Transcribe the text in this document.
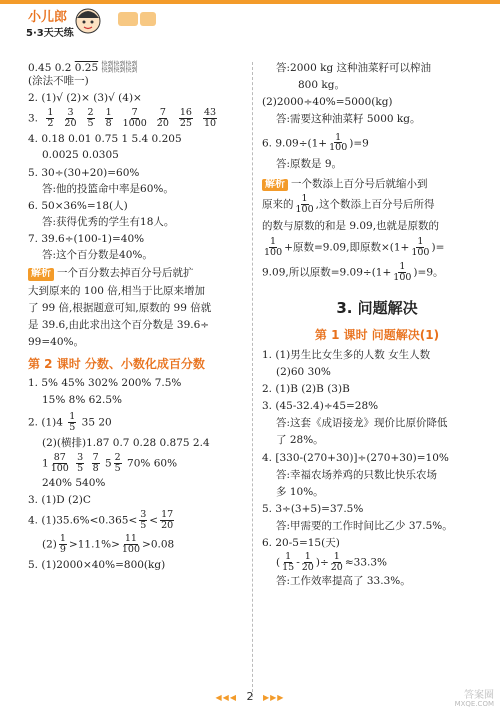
小儿郎
5·3天天练
0.45 0.2 0.25 快到快到快到
快到快到快到
(涂法不唯一)
2. (1)√ (2)× (3)√ (4)×
3. $\frac{1}{2} \frac{3}{20} \frac{2}{5} \frac{1}{8} \frac{7}{1000} \frac{7}{20} \frac{16}{25} \frac{43}{10}$
4. 0.18 0.01 0.75 1 5.4 0.205
0.0025 0.0305
5. 30÷(30+20)=60%
答:他的投篮命中率是60%。
6. 50×36%=18(人)
答:获得优秀的学生有18人。
7. 39.6÷(100-1)=40%
答:这个百分数是40%。
解析 一个百分数去掉百分号后就扩
大到原来的 100 倍,相当于比原来增加
了 99 倍,根据题意可知,原数的 99 倍就
是 39.6,由此求出这个百分数是 39.6÷
99=40%。
第 2 课时 分数、小数化成百分数
1. 5% 45% 302% 200% 7.5%
15% 8% 62.5%
2. $(1)4 \frac{1}{5} 35$ 20
(2)(横排)1.87 0.7 0.28 0.875 2.4
$1 \frac{87}{100}$
$\frac{3}{5}$
$\frac{7}{8} 5 \frac{2}{5} 70\%$ 60%
240% 540%
3. (1)D (2)C
4. $(1)35.6\%<0.365< \frac{3}{5} < \frac{17}{20}$
$(2) \frac{1}{9} >11.1\%> \frac{11}{100} >0.08$
5. (1)2000×40%=800(kg)
答:2000 kg 这种油菜籽可以榨油
800 kg。
(2)2000÷40%=5000(kg)
答:需要这种油菜籽 5000 kg。
6. $9.09\div(1+ \frac{1}{100} )=9$
答:原数是 9。
解析 一个数添上百分号后就缩小到
原来的 $\frac{1}{100}$ ,这个数添上百分号后所得
的数与原数的和是 9.09,也就是原数的
$\frac{1}{100}$ +原数=9.09,即原数$\times(1+ \frac{1}{100}$ )=
9.09,所以原数$=9.09\div(1+ \frac{1}{100} )=9$。
3. 问题解决
第 1 课时 问题解决(1)
1. (1)男生比女生多的人数 女生人数
(2)60 30%
2. (1)B (2)B (3)B
3. (45-32.4)÷45=28%
答:这套《成语接龙》现价比原价降低
了 28%。
4. [330-(270+30)]÷(270+30)=10%
答:幸福农场养鸡的只数比快乐农场
多 10%。
5. 3÷(3+5)=37.5%
答:甲需要的工作时间比乙少 37.5%。
6. 20-5=15(天)
( $\frac{1}{15} - \frac{1}{20}$ )÷ $\frac{1}{20} \approx 33.3\%$
答:工作效率提高了 33.3%。
◀◀◀ 2 ▶▶▶	答案圈
MXQE.COM
